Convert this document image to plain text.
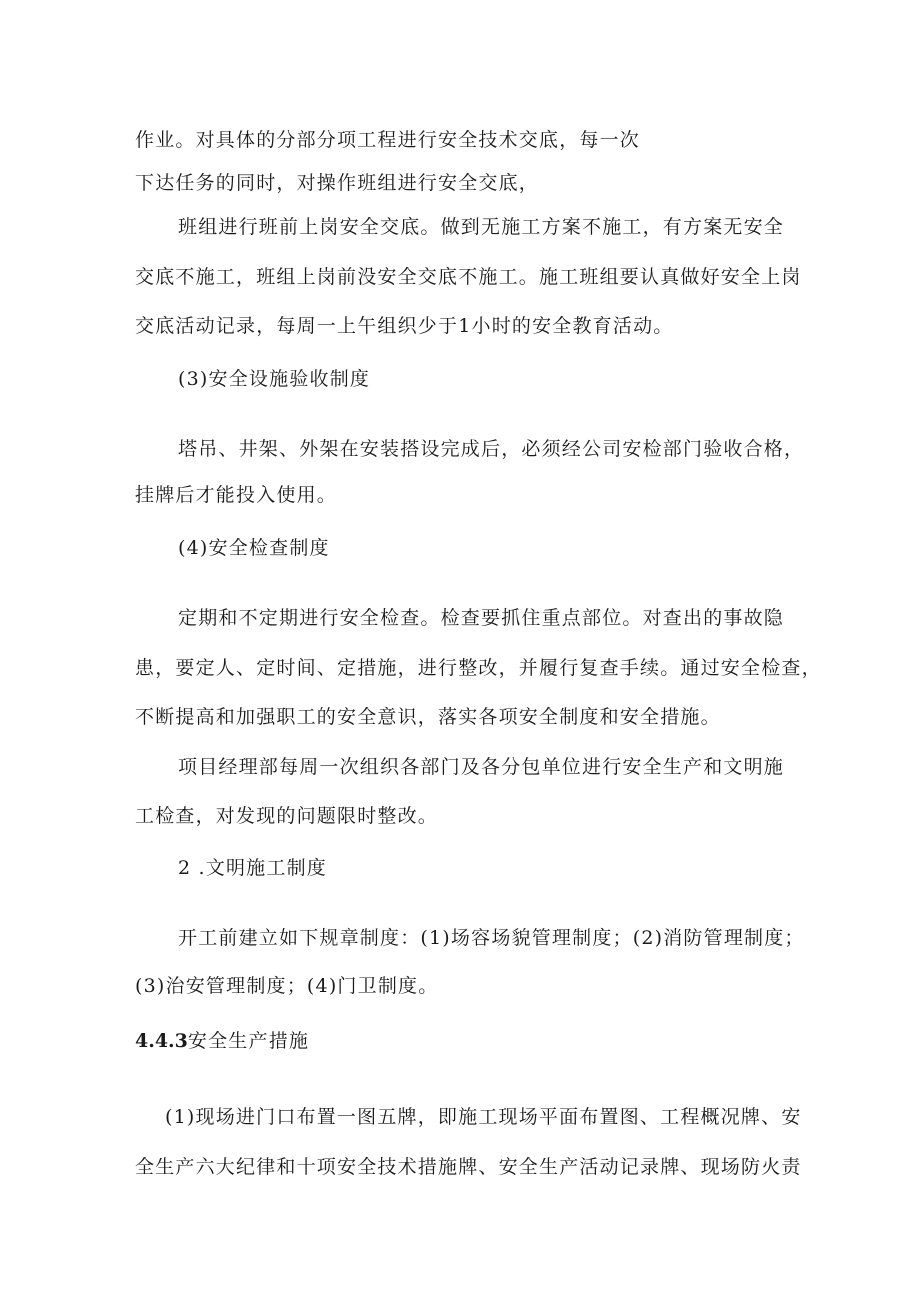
作业。对具体的分部分项工程进行安全技术交底，每一次
下达任务的同时，对操作班组进行安全交底，
班组进行班前上岗安全交底。做到无施工方案不施工，有方案无安全
交底不施工，班组上岗前没安全交底不施工。施工班组要认真做好安全上岗
交底活动记录，每周一上午组织少于1小时的安全教育活动。
(3)安全设施验收制度
塔吊、井架、外架在安装搭设完成后，必须经公司安检部门验收合格，
挂牌后才能投入使用。
(4)安全检查制度
定期和不定期进行安全检查。检查要抓住重点部位。对查出的事故隐
患，要定人、定时间、定措施，进行整改，并履行复查手续。通过安全检查，
不断提高和加强职工的安全意识，落实各项安全制度和安全措施。
项目经理部每周一次组织各部门及各分包单位进行安全生产和文明施
工检查，对发现的问题限时整改。
2 .文明施工制度
开工前建立如下规章制度：(1)场容场貌管理制度；(2)消防管理制度；
(3)治安管理制度；(4)门卫制度。
4.4.3安全生产措施
(1)现场进门口布置一图五牌，即施工现场平面布置图、工程概况牌、安
全生产六大纪律和十项安全技术措施牌、安全生产活动记录牌、现场防火责
